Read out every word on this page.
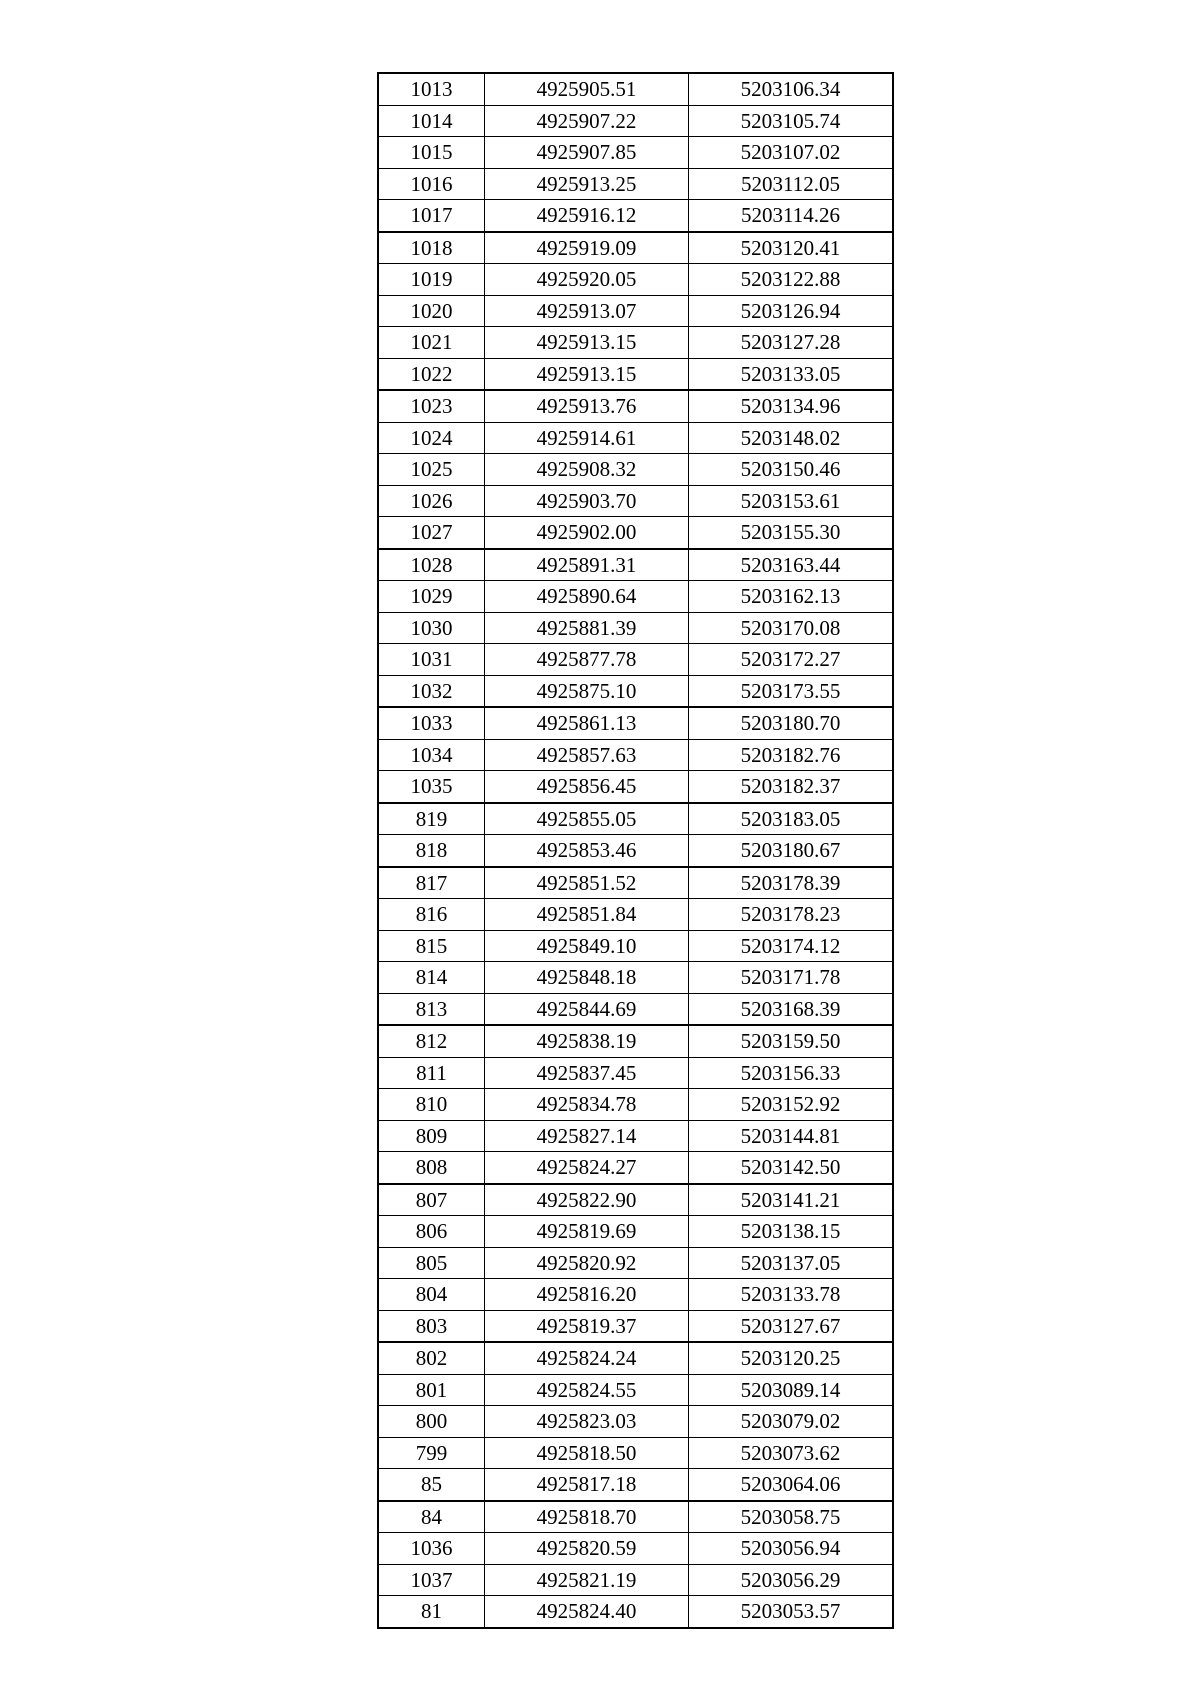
1013	4925905.51	5203106.34
1014	4925907.22	5203105.74
1015	4925907.85	5203107.02
1016	4925913.25	5203112.05
1017	4925916.12	5203114.26
1018	4925919.09	5203120.41
1019	4925920.05	5203122.88
1020	4925913.07	5203126.94
1021	4925913.15	5203127.28
1022	4925913.15	5203133.05
1023	4925913.76	5203134.96
1024	4925914.61	5203148.02
1025	4925908.32	5203150.46
1026	4925903.70	5203153.61
1027	4925902.00	5203155.30
1028	4925891.31	5203163.44
1029	4925890.64	5203162.13
1030	4925881.39	5203170.08
1031	4925877.78	5203172.27
1032	4925875.10	5203173.55
1033	4925861.13	5203180.70
1034	4925857.63	5203182.76
1035	4925856.45	5203182.37
819	4925855.05	5203183.05
818	4925853.46	5203180.67
817	4925851.52	5203178.39
816	4925851.84	5203178.23
815	4925849.10	5203174.12
814	4925848.18	5203171.78
813	4925844.69	5203168.39
812	4925838.19	5203159.50
811	4925837.45	5203156.33
810	4925834.78	5203152.92
809	4925827.14	5203144.81
808	4925824.27	5203142.50
807	4925822.90	5203141.21
806	4925819.69	5203138.15
805	4925820.92	5203137.05
804	4925816.20	5203133.78
803	4925819.37	5203127.67
802	4925824.24	5203120.25
801	4925824.55	5203089.14
800	4925823.03	5203079.02
799	4925818.50	5203073.62
85	4925817.18	5203064.06
84	4925818.70	5203058.75
1036	4925820.59	5203056.94
1037	4925821.19	5203056.29
81	4925824.40	5203053.57
